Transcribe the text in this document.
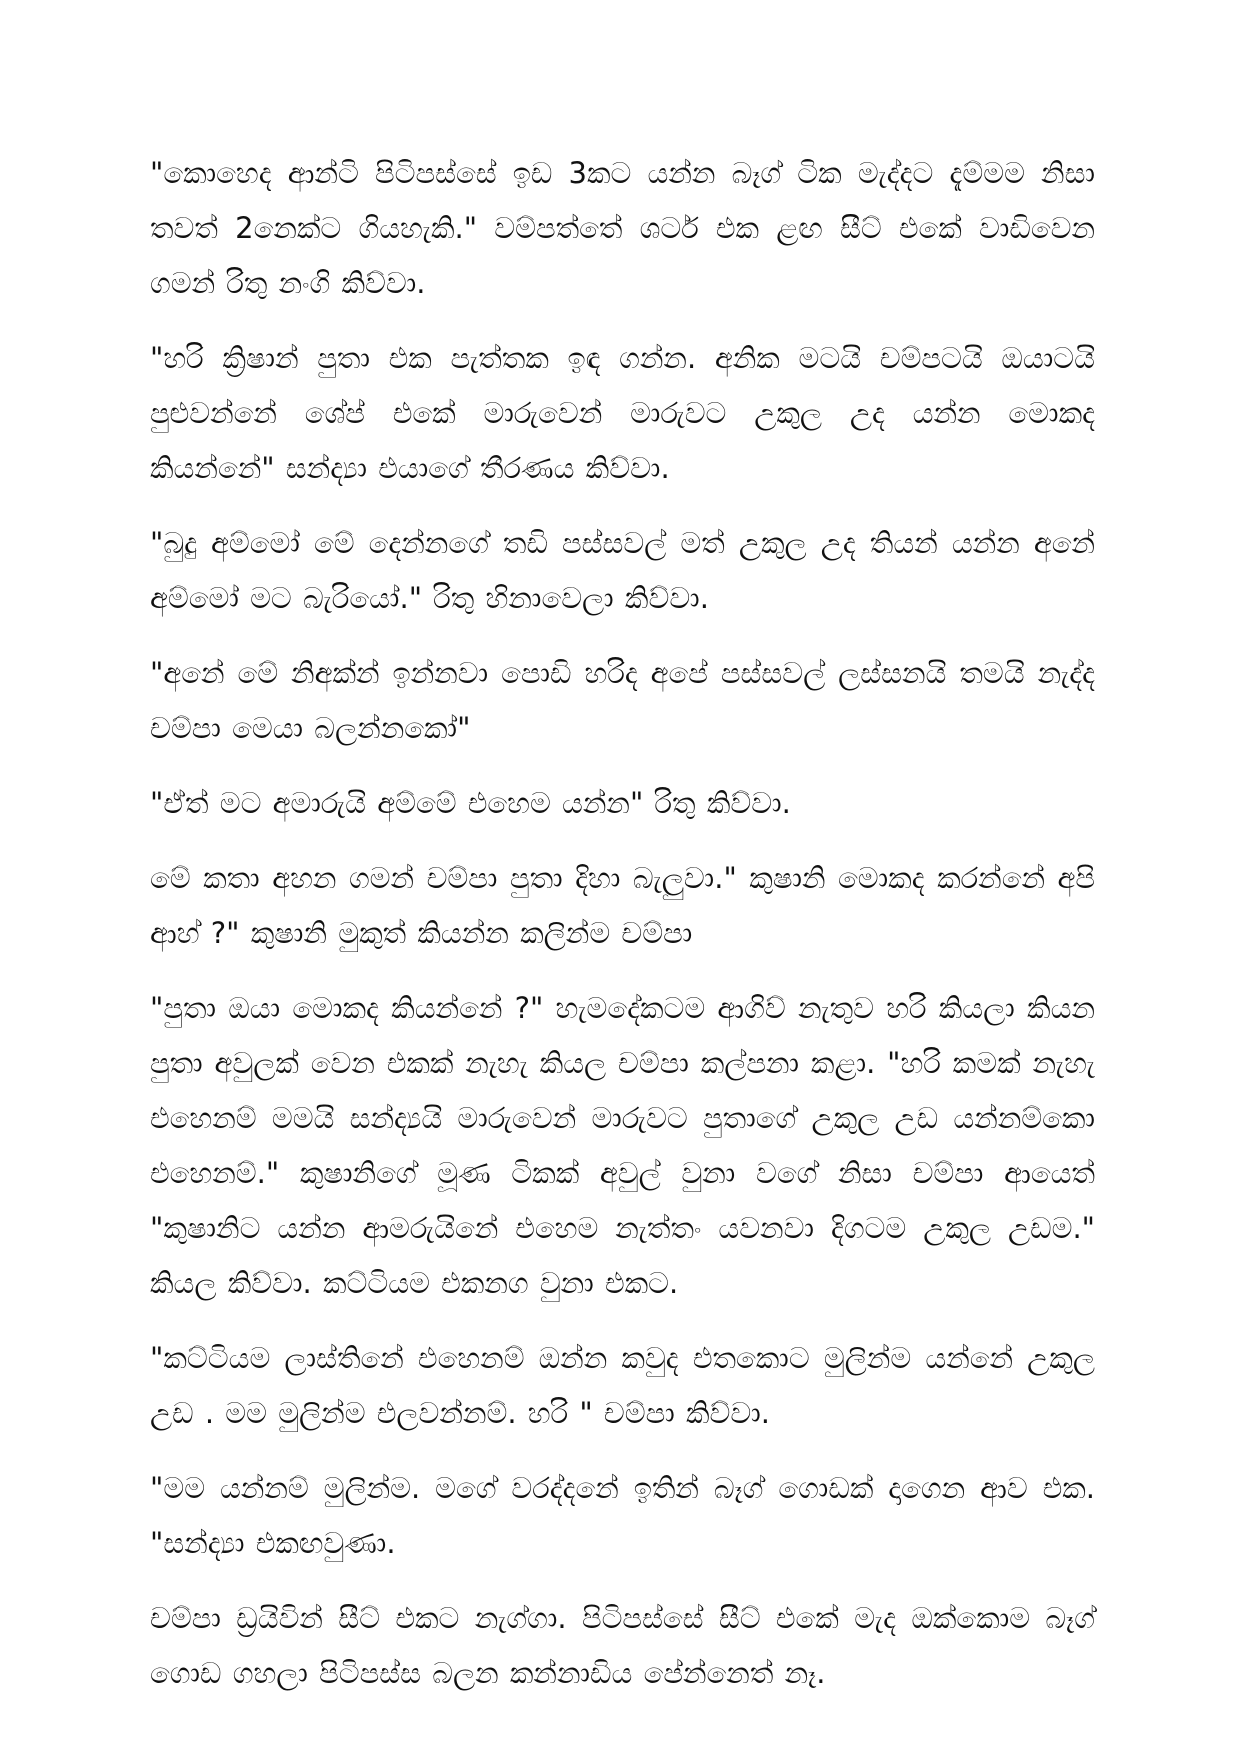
"කොහෙද ආන්ටි පිටිපස්සේ ඉඩ 3කට යන්න බෑග් ටික මැද්දට දැම්මම නිසා තවත් 2නෙක්ට ගියහැකි." වම්පත්තේ ශටර් එක ළඟ සීට් එකේ වාඩිවෙන ගමන් රිතු නංගි කිව්වා.

"හරි ක්‍රිෂාන් පුතා එක පැත්තක ඉඳ ගන්න. අනික මටයි චම්පටයි ඔයාටයි පුළුවන්නේ ශේප් එකේ මාරුවෙන් මාරුවට උකුල උද යන්න මොකද කියන්නේ" සන්ද්‍යා එයාගේ තීරණය කිව්වා.

"බුදු අම්මෝ මේ දෙන්නගේ තඩි පස්සවල් මත් උකුල උද තියන් යන්න අනේ අම්මෝ මට බැරියෝ." රිතු හිනාවෙලා කිව්වා.

"අනේ මේ නිඅක්න් ඉන්නවා පොඩි හරිද අපේ පස්සවල් ලස්සනයි තමයි නැද්ද චම්පා මෙයා බලන්නකෝ"

"ඒත් මට අමාරුයි අම්මේ එහෙම යන්න" රිතු කිව්වා.

මේ කතා අහන ගමන් චම්පා පුතා දිහා බැලුවා." කුෂානි මොකද කරන්නේ අපි ආහ් ?" කුෂානි මුකුත් කියන්න කලින්ම චම්පා

"පුතා ඔයා මොකද කියන්නේ ?" හැමදේකටම ආගිව් නැතුව හරි කියලා කියන පුතා අවුලක් වෙන එකක් නැහැ කියල චම්පා කල්පනා කළා. "හරි කමක් නැහැ එහෙනම් මමයි සන්ද්‍යයි මාරුවෙන් මාරුවට පුතාගේ උකුල උඩ යන්නම්කො එහෙනම්." කුෂානිගේ මූණ ටිකක් අවුල් වුනා වගේ නිසා චම්පා ආයෙත් "කුෂානිට යන්න ආමරුයිනේ එහෙම නැත්තං යවනවා දිගටම උකුල උඩම." කියල කිව්වා. කට්ටියම එකනග වුනා එකට.

"කට්ටියම ලාස්තිනේ එහෙනම් ඔන්න කවුද එතකොට මුලින්ම යන්නේ උකුල උඩ . මම මුලින්ම එලවන්නම්. හරි " චම්පා කිව්වා.

"මම යන්නම් මුලින්ම. මගේ වරද්දනේ ඉතින් බෑග් ගොඩක් දාගෙන ආව එක. "සන්ද්‍යා එකඟවුණා.

චම්පා ඩ්‍රයිවින් සීට් එකට නැග්ගා. පිටිපස්සේ සීට් එකේ මැද ඔක්කොම බෑග් ගොඩ ගහලා පිටිපස්ස බලන කන්නාඩිය පේන්නෙත් නෑ.
